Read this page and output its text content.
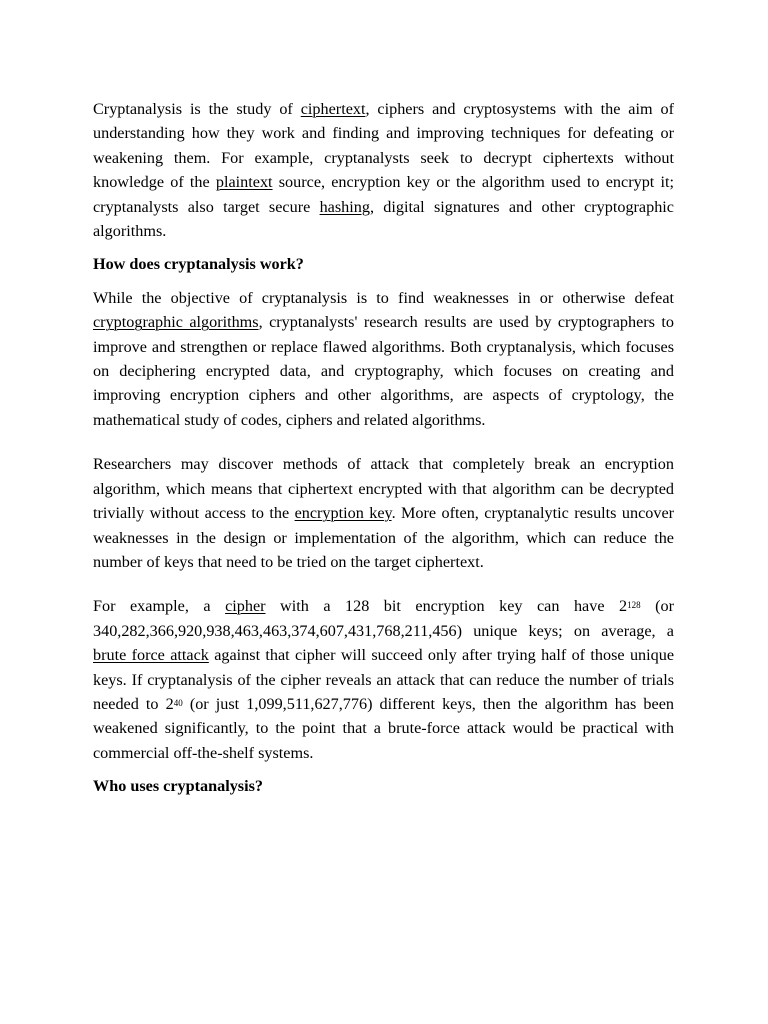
Cryptanalysis is the study of ciphertext, ciphers and cryptosystems with the aim of understanding how they work and finding and improving techniques for defeating or weakening them. For example, cryptanalysts seek to decrypt ciphertexts without knowledge of the plaintext source, encryption key or the algorithm used to encrypt it; cryptanalysts also target secure hashing, digital signatures and other cryptographic algorithms.

How does cryptanalysis work?

While the objective of cryptanalysis is to find weaknesses in or otherwise defeat cryptographic algorithms, cryptanalysts' research results are used by cryptographers to improve and strengthen or replace flawed algorithms. Both cryptanalysis, which focuses on deciphering encrypted data, and cryptography, which focuses on creating and improving encryption ciphers and other algorithms, are aspects of cryptology, the mathematical study of codes, ciphers and related algorithms.

Researchers may discover methods of attack that completely break an encryption algorithm, which means that ciphertext encrypted with that algorithm can be decrypted trivially without access to the encryption key. More often, cryptanalytic results uncover weaknesses in the design or implementation of the algorithm, which can reduce the number of keys that need to be tried on the target ciphertext.

For example, a cipher with a 128 bit encryption key can have $2^{128}$ (or 340,282,366,920,938,463,463,374,607,431,768,211,456) unique keys; on average, a brute force attack against that cipher will succeed only after trying half of those unique keys. If cryptanalysis of the cipher reveals an attack that can reduce the number of trials needed to $2^{40}$ (or just 1,099,511,627,776) different keys, then the algorithm has been weakened significantly, to the point that a brute-force attack would be practical with commercial off-the-shelf systems.

Who uses cryptanalysis?
